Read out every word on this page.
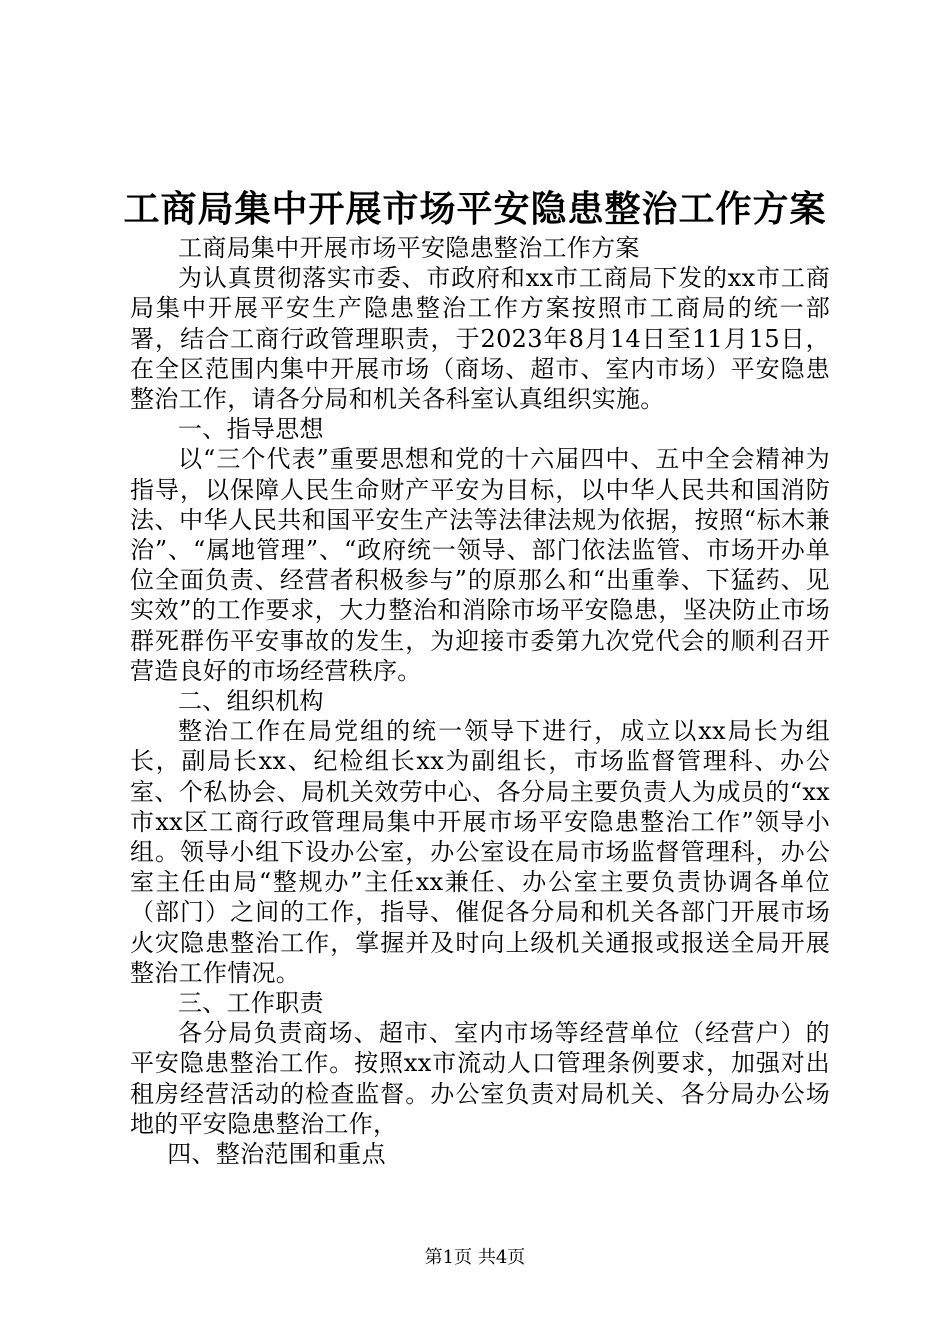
工商局集中开展市场平安隐患整治工作方案

工商局集中开展市场平安隐患整治工作方案

为认真贯彻落实市委、市政府和xx市工商局下发的xx市工商局集中开展平安生产隐患整治工作方案按照市工商局的统一部署，结合工商行政管理职责，于2023年8月14日至11月15日，在全区范围内集中开展市场（商场、超市、室内市场）平安隐患整治工作，请各分局和机关各科室认真组织实施。

一、指导思想

以“三个代表”重要思想和党的十六届四中、五中全会精神为指导，以保障人民生命财产平安为目标，以中华人民共和国消防法、中华人民共和国平安生产法等法律法规为依据，按照“标木兼治”、“属地管理”、“政府统一领导、部门依法监管、市场开办单位全面负责、经营者积极参与”的原那么和“出重拳、下猛药、见实效”的工作要求，大力整治和消除市场平安隐患，坚决防止市场群死群伤平安事故的发生，为迎接市委第九次党代会的顺利召开营造良好的市场经营秩序。

二、组织机构

整治工作在局党组的统一领导下进行，成立以xx局长为组长，副局长xx、纪检组长xx为副组长，市场监督管理科、办公室、个私协会、局机关效劳中心、各分局主要负责人为成员的“xx市xx区工商行政管理局集中开展市场平安隐患整治工作”领导小组。领导小组下设办公室，办公室设在局市场监督管理科，办公室主任由局“整规办”主任xx兼任、办公室主要负责协调各单位（部门）之间的工作，指导、催促各分局和机关各部门开展市场火灾隐患整治工作，掌握并及时向上级机关通报或报送全局开展整治工作情况。

三、工作职责

各分局负责商场、超市、室内市场等经营单位（经营户）的平安隐患整治工作。按照xx市流动人口管理条例要求，加强对出租房经营活动的检查监督。办公室负责对局机关、各分局办公场地的平安隐患整治工作，

四、整治范围和重点

第1页 共4页
